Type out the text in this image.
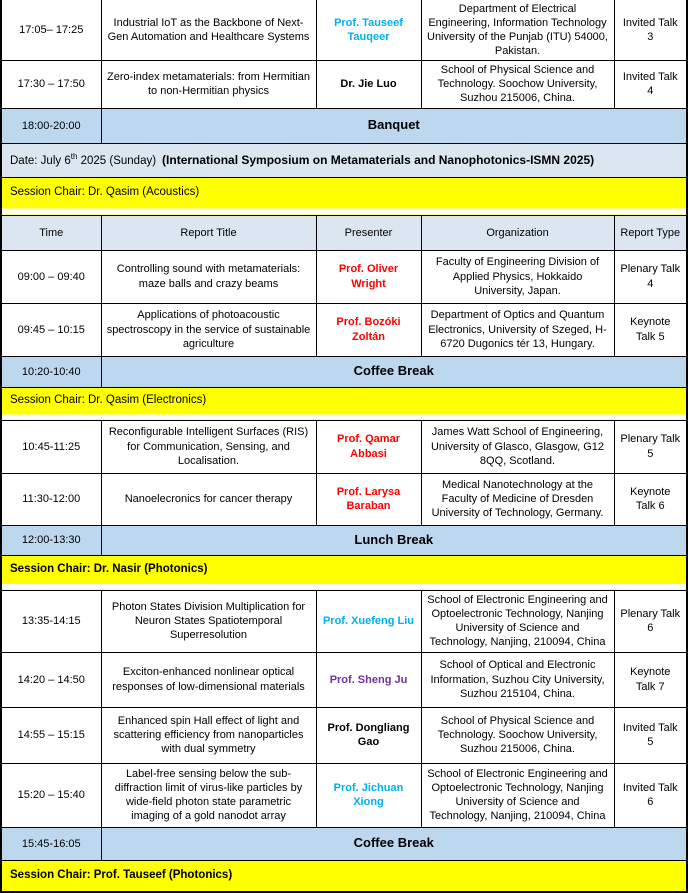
17:05– 17:25	Industrial IoT as the Backbone of Next-Gen Automation and Healthcare Systems	Prof. Tauseef Tauqeer	Department of Electrical Engineering, Information Technology University of the Punjab (ITU) 54000, Pakistan.	Invited Talk 3
17:30 – 17:50	Zero-index metamaterials: from Hermitian to non-Hermitian physics	Dr. Jie Luo	School of Physical Science and Technology. Soochow University, Suzhou 215006, China.	Invited Talk 4
18:00-20:00	Banquet			
Date: July 6th 2025 (Sunday) (International Symposium on Metamaterials and Nanophotonics-ISMN 2025)				
Session Chair: Dr. Qasim (Acoustics)				
Time	Report Title	Presenter	Organization	Report Type
09:00 – 09:40	Controlling sound with metamaterials: maze balls and crazy beams	Prof. Oliver Wright	Faculty of Engineering Division of Applied Physics, Hokkaido University, Japan.	Plenary Talk 4
09:45 – 10:15	Applications of photoacoustic spectroscopy in the service of sustainable agriculture	Prof. Bozóki Zoltán	Department of Optics and Quantum Electronics, University of Szeged, H-6720 Dugonics tér 13, Hungary.	Keynote Talk 5
10:20-10:40	Coffee Break			
Session Chair: Dr. Qasim (Electronics)				
10:45-11:25	Reconfigurable Intelligent Surfaces (RIS) for Communication, Sensing, and Localisation.	Prof. Qamar Abbasi	James Watt School of Engineering, University of Glasco, Glasgow, G12 8QQ, Scotland.	Plenary Talk 5
11:30-12:00	Nanoelecronics for cancer therapy	Prof. Larysa Baraban	Medical Nanotechnology at the Faculty of Medicine of Dresden University of Technology, Germany.	Keynote Talk 6
12:00-13:30	Lunch Break			
Session Chair: Dr. Nasir (Photonics)				
13:35-14:15	Photon States Division Multiplication for Neuron States Spatiotemporal Superresolution	Prof. Xuefeng Liu	School of Electronic Engineering and Optoelectronic Technology, Nanjing University of Science and Technology, Nanjing, 210094, China	Plenary Talk 6
14:20 – 14:50	Exciton-enhanced nonlinear optical responses of low-dimensional materials	Prof. Sheng Ju	School of Optical and Electronic Information, Suzhou City University, Suzhou 215104, China.	Keynote Talk 7
14:55 – 15:15	Enhanced spin Hall effect of light and scattering efficiency from nanoparticles with dual symmetry	Prof. Dongliang Gao	School of Physical Science and Technology. Soochow University, Suzhou 215006, China.	Invited Talk 5
15:20 – 15:40	Label-free sensing below the sub-diffraction limit of virus-like particles by wide-field photon state parametric imaging of a gold nanodot array	Prof. Jichuan Xiong	School of Electronic Engineering and Optoelectronic Technology, Nanjing University of Science and Technology, Nanjing, 210094, China	Invited Talk 6
15:45-16:05	Coffee Break			
Session Chair: Prof. Tauseef (Photonics)				
